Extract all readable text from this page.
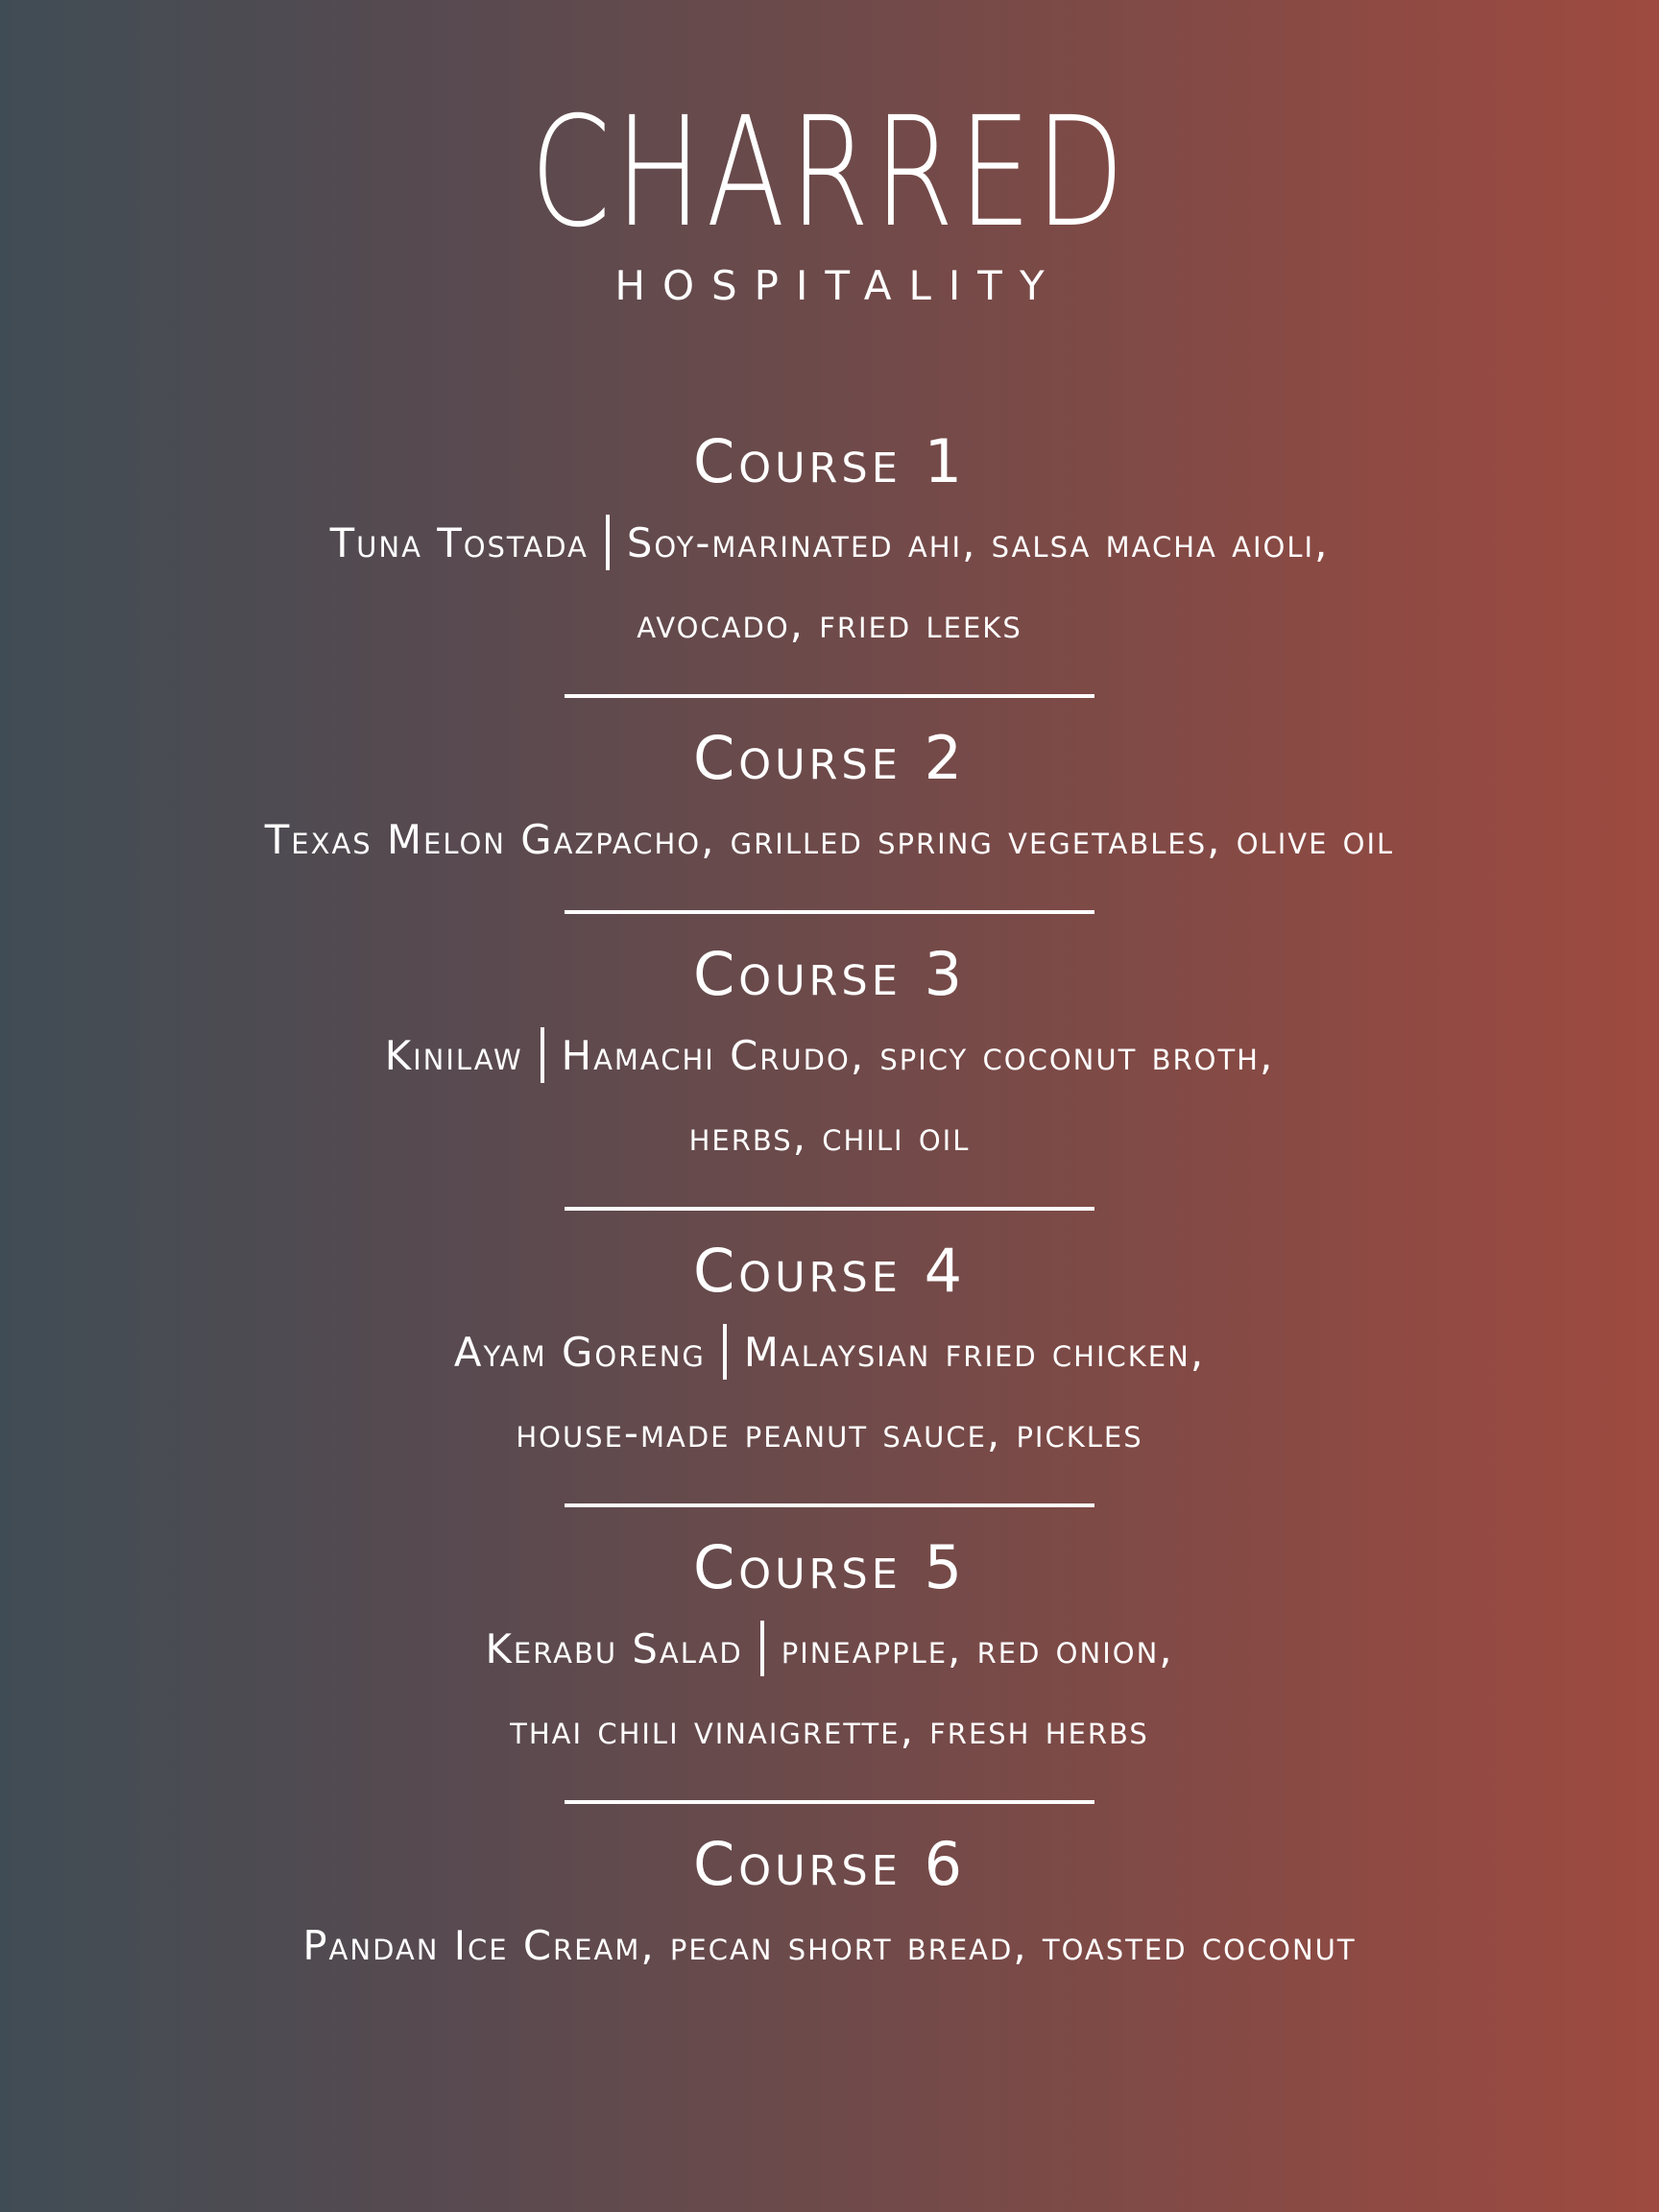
CHARRED
HOSPITALITY
Course 1
Tuna Tostada Soy-marinated ahi, salsa macha aioli,
avocado, fried leeks
Course 2
Texas Melon Gazpacho, grilled spring vegetables, olive oil
Course 3
Kinilaw Hamachi Crudo, spicy coconut broth,
herbs, chili oil
Course 4
Ayam Goreng Malaysian fried chicken,
house-made peanut sauce, pickles
Course 5
Kerabu Salad pineapple, red onion,
thai chili vinaigrette, fresh herbs
Course 6
Pandan Ice Cream, pecan short bread, toasted coconut
